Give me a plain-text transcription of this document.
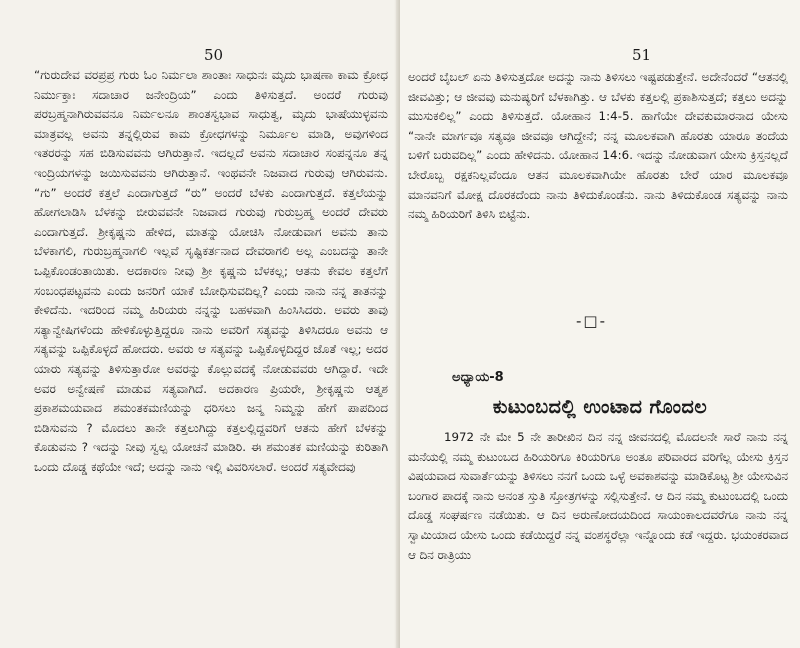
50

“ಗುರುದೇವ ವರಪ್ರಪ್ರ ಗುರು ಓಂ ನಿರ್ಮಲಾ ಶಾಂತಾಃ ಸಾಧುನಃ ಮೃದು ಭಾಷಣಾ ಕಾಮ ಕ್ರೋಧ ನಿರ್ಮುಕ್ತಾಃ ಸದಾಚಾರ ಜನೇಂದ್ರಿಯ” ಎಂದು ತಿಳಿಸುತ್ತದೆ. ಅಂದರೆ ಗುರುವು ಪರಬ್ರಹ್ಮನಾಗಿರುವವನೂ ನಿರ್ಮಲನೂ ಶಾಂತಸ್ವಭಾವ ಸಾಧುತ್ವ, ಮೃದು ಭಾಷೆಯುಳ್ಳವನು ಮಾತ್ರವಲ್ಲ ಅವನು ತನ್ನಲ್ಲಿರುವ ಕಾಮ ಕ್ರೋಧಗಳನ್ನು ನಿರ್ಮೂಲ ಮಾಡಿ, ಅವುಗಳಿಂದ ಇತರರನ್ನು ಸಹ ಬಿಡಿಸುವವನು ಆಗಿರುತ್ತಾನೆ. ಇದಲ್ಲದೆ ಅವನು ಸದಾಚಾರ ಸಂಪನ್ನನೂ ತನ್ನ ಇಂದ್ರಿಯಗಳನ್ನು ಜಯಿಸುವವನು ಆಗಿರುತ್ತಾನೆ. ಇಂಥವನೇ ನಿಜವಾದ ಗುರುವು ಆಗಿರುವನು. “ಗು” ಅಂದರೆ ಕತ್ತಲೆ ಎಂದಾಗುತ್ತದೆ “ರು” ಅಂದರೆ ಬೆಳಕು ಎಂದಾಗುತ್ತದೆ. ಕತ್ತಲೆಯನ್ನು ಹೋಗಲಾಡಿಸಿ ಬೆಳಕನ್ನು ಬೀರುವವನೇ ನಿಜವಾದ ಗುರುವು ಗುರುಬ್ರಹ್ಮ ಅಂದರೆ ದೇವರು ಎಂದಾಗುತ್ತದೆ. ಶ್ರೀಕೃಷ್ಣನು ಹೇಳಿದ, ಮಾತನ್ನು ಯೋಚಿಸಿ ನೋಡುವಾಗ ಅವನು ತಾನು ಬೆಳಕಾಗಲಿ, ಗುರುಬ್ರಹ್ಮನಾಗಲಿ ಇಲ್ಲವೆ ಸೃಷ್ಟಿಕರ್ತನಾದ ದೇವರಾಗಲಿ ಅಲ್ಲ ಎಂಬದನ್ನು ತಾನೇ ಒಪ್ಪಿಕೊಂಡಂತಾಯಿತು. ಅದಕಾರಣ ನೀವು ಶ್ರೀ ಕೃಷ್ಣನು ಬೆಳಕಲ್ಲ; ಆತನು ಕೇವಲ ಕತ್ತಲೆಗೆ ಸಂಬಂಧಪಟ್ಟವನು ಎಂದು ಜನರಿಗೆ ಯಾಕೆ ಬೋಧಿಸುವದಿಲ್ಲ? ಎಂದು ನಾನು ನನ್ನ ತಾತನನ್ನು ಕೇಳಿದೆನು. ಇದರಿಂದ ನಮ್ಮ ಹಿರಿಯರು ನನ್ನನ್ನು ಬಹಳವಾಗಿ ಹಿಂಸಿಸಿದರು. ಅವರು ತಾವು ಸತ್ಯಾನ್ವೇಷಿಗಳೆಂದು ಹೇಳಿಕೊಳ್ಳುತ್ತಿದ್ದರೂ ನಾನು ಅವರಿಗೆ ಸತ್ಯವನ್ನು ತಿಳಿಸಿದರೂ ಅವನು ಆ ಸತ್ಯವನ್ನು ಒಪ್ಪಿಕೊಳ್ಳದೆ ಹೋದರು. ಅವರು ಆ ಸತ್ಯವನ್ನು ಒಪ್ಪಿಕೊಳ್ಳದಿದ್ದರ ಜೊತೆ ಇಲ್ಲ; ಅದರ ಯಾರು ಸತ್ಯವನ್ನು ತಿಳಿಸುತ್ತಾರೋ ಅವರನ್ನು ಕೊಲ್ಲುವದಕ್ಕೆ ನೋಡುವವರು ಆಗಿದ್ದಾರೆ. ಇದೇ ಅವರ ಅನ್ವೇಷಣೆ ಮಾಡುವ ಸತ್ಯವಾಗಿದೆ. ಅದಕಾರಣ ಪ್ರಿಯರೇ, ಶ್ರೀಕೃಷ್ಣನು ಆತ್ಮಶ ಪ್ರಕಾಶಮಯವಾದ ಶಮಂತಕಮಣಿಯನ್ನು ಧರಿಸಲು ಜನ್ಮ ನಿಮ್ಮನ್ನು ಹೇಗೆ ಪಾಪದಿಂದ ಬಿಡಿಸುವನು ? ಮೊದಲು ತಾನೇ ಕತ್ತಲುಗಿದ್ದು ಕತ್ತಲಲ್ಲಿದ್ದವರಿಗೆ ಆತನು ಹೇಗೆ ಬೆಳಕನ್ನು ಕೊಡುವನು ? ಇದನ್ನು ನೀವು ಸ್ವಲ್ಪ ಯೋಚನೆ ಮಾಡಿರಿ. ಈ ಶಮಂತಕ ಮಣಿಯನ್ನು ಕುರಿತಾಗಿ ಒಂದು ದೊಡ್ಡ ಕಥೆಯೇ ಇದೆ; ಅದನ್ನು ನಾನು ಇಲ್ಲಿ ವಿವರಿಸಲಾರೆ. ಅಂದರೆ ಸತ್ಯವೇದವು

51

ಅಂದರೆ ಬೈಬಲ್ ಏನು ತಿಳಿಸುತ್ತದೋ ಅದನ್ನು ನಾನು ತಿಳಿಸಲು ಇಷ್ಟಪಡುತ್ತೇನೆ. ಅದೇನೆಂದರೆ “ಆತನಲ್ಲಿ ಜೀವವಿತ್ತು; ಆ ಜೀವವು ಮನುಷ್ಯರಿಗೆ ಬೆಳಕಾಗಿತ್ತು. ಆ ಬೆಳಕು ಕತ್ತಲಲ್ಲಿ ಪ್ರಕಾಶಿಸುತ್ತದೆ; ಕತ್ತಲು ಅದನ್ನು ಮುಸುಕಲಿಲ್ಲ” ಎಂದು ತಿಳಿಸುತ್ತದೆ. ಯೋಹಾನ 1:4-5. ಹಾಗೆಯೇ ದೇವಕುಮಾರನಾದ ಯೇಸು “ನಾನೇ ಮಾರ್ಗವೂ ಸತ್ಯವೂ ಜೀವವೂ ಆಗಿದ್ದೇನೆ; ನನ್ನ ಮೂಲಕವಾಗಿ ಹೊರತು ಯಾರೂ ತಂದೆಯ ಬಳಿಗೆ ಬರುವದಿಲ್ಲ” ಎಂದು ಹೇಳಿದನು. ಯೋಹಾನ 14:6. ಇದನ್ನು ನೋಡುವಾಗ ಯೇಸು ಕ್ರಿಸ್ತನಲ್ಲದೆ ಬೇರೊಬ್ಬ ರಕ್ಷಕನಿಲ್ಲವೆಂದೂ ಆತನ ಮೂಲಕವಾಗಿಯೇ ಹೊರತು ಬೇರೆ ಯಾರ ಮೂಲಕವೂ ಮಾನವನಿಗೆ ಮೋಕ್ಷ ದೊರಕದೆಂದು ನಾನು ತಿಳಿದುಕೊಂಡೆನು. ನಾನು ತಿಳಿದುಕೊಂಡ ಸತ್ಯವನ್ನು ನಾನು ನಮ್ಮ ಹಿರಿಯರಿಗೆ ತಿಳಿಸಿ ಬಿಟ್ಟೆನು.

-□-
ಅಧ್ಯಾಯ-8
ಕುಟುಂಬದಲ್ಲಿ ಉಂಟಾದ ಗೊಂದಲ

1972 ನೇ ಮೇ 5 ನೇ ತಾರೀಖಿನ ದಿನ ನನ್ನ ಜೀವನದಲ್ಲಿ ಮೊದಲನೇ ಸಾರೆ ನಾನು ನನ್ನ ಮನೆಯಲ್ಲಿ ನಮ್ಮ ಕುಟುಂಬದ ಹಿರಿಯರಿಗೂ ಕಿರಿಯರಿಗೂ ಅಂತೂ ಪರಿವಾರದ ವರಿಗೆಲ್ಲ ಯೇಸು ಕ್ರಿಸ್ತನ ವಿಷಯವಾದ ಸುವಾರ್ತೆಯನ್ನು ತಿಳಿಸಲು ನನಗೆ ಒಂದು ಒಳ್ಳೆ ಅವಕಾಶವನ್ನು ಮಾಡಿಕೊಟ್ಟ ಶ್ರೀ ಯೇಸುವಿನ ಬಂಗಾರ ಪಾದಕ್ಕೆ ನಾನು ಅನಂತ ಸ್ತುತಿ ಸ್ತೋತ್ರಗಳನ್ನು ಸಲ್ಲಿಸುತ್ತೇನೆ. ಆ ದಿನ ನಮ್ಮ ಕುಟುಂಬದಲ್ಲಿ ಒಂದು ದೊಡ್ಡ ಸಂಘರ್ಷಣ ನಡೆಯಿತು. ಆ ದಿನ ಅರುಣೋದಯದಿಂದ ಸಾಯಂಕಾಲದವರೆಗೂ ನಾನು ನನ್ನ ಸ್ವಾಮಿಯಾದ ಯೇಸು ಒಂದು ಕಡೆಯಿದ್ದರೆ ನನ್ನ ವಂಶಸ್ಥರೆಲ್ಲಾ ಇನ್ನೊಂದು ಕಡೆ ಇದ್ದರು. ಭಯಂಕರವಾದ ಆ ದಿನ ರಾತ್ರಿಯು
